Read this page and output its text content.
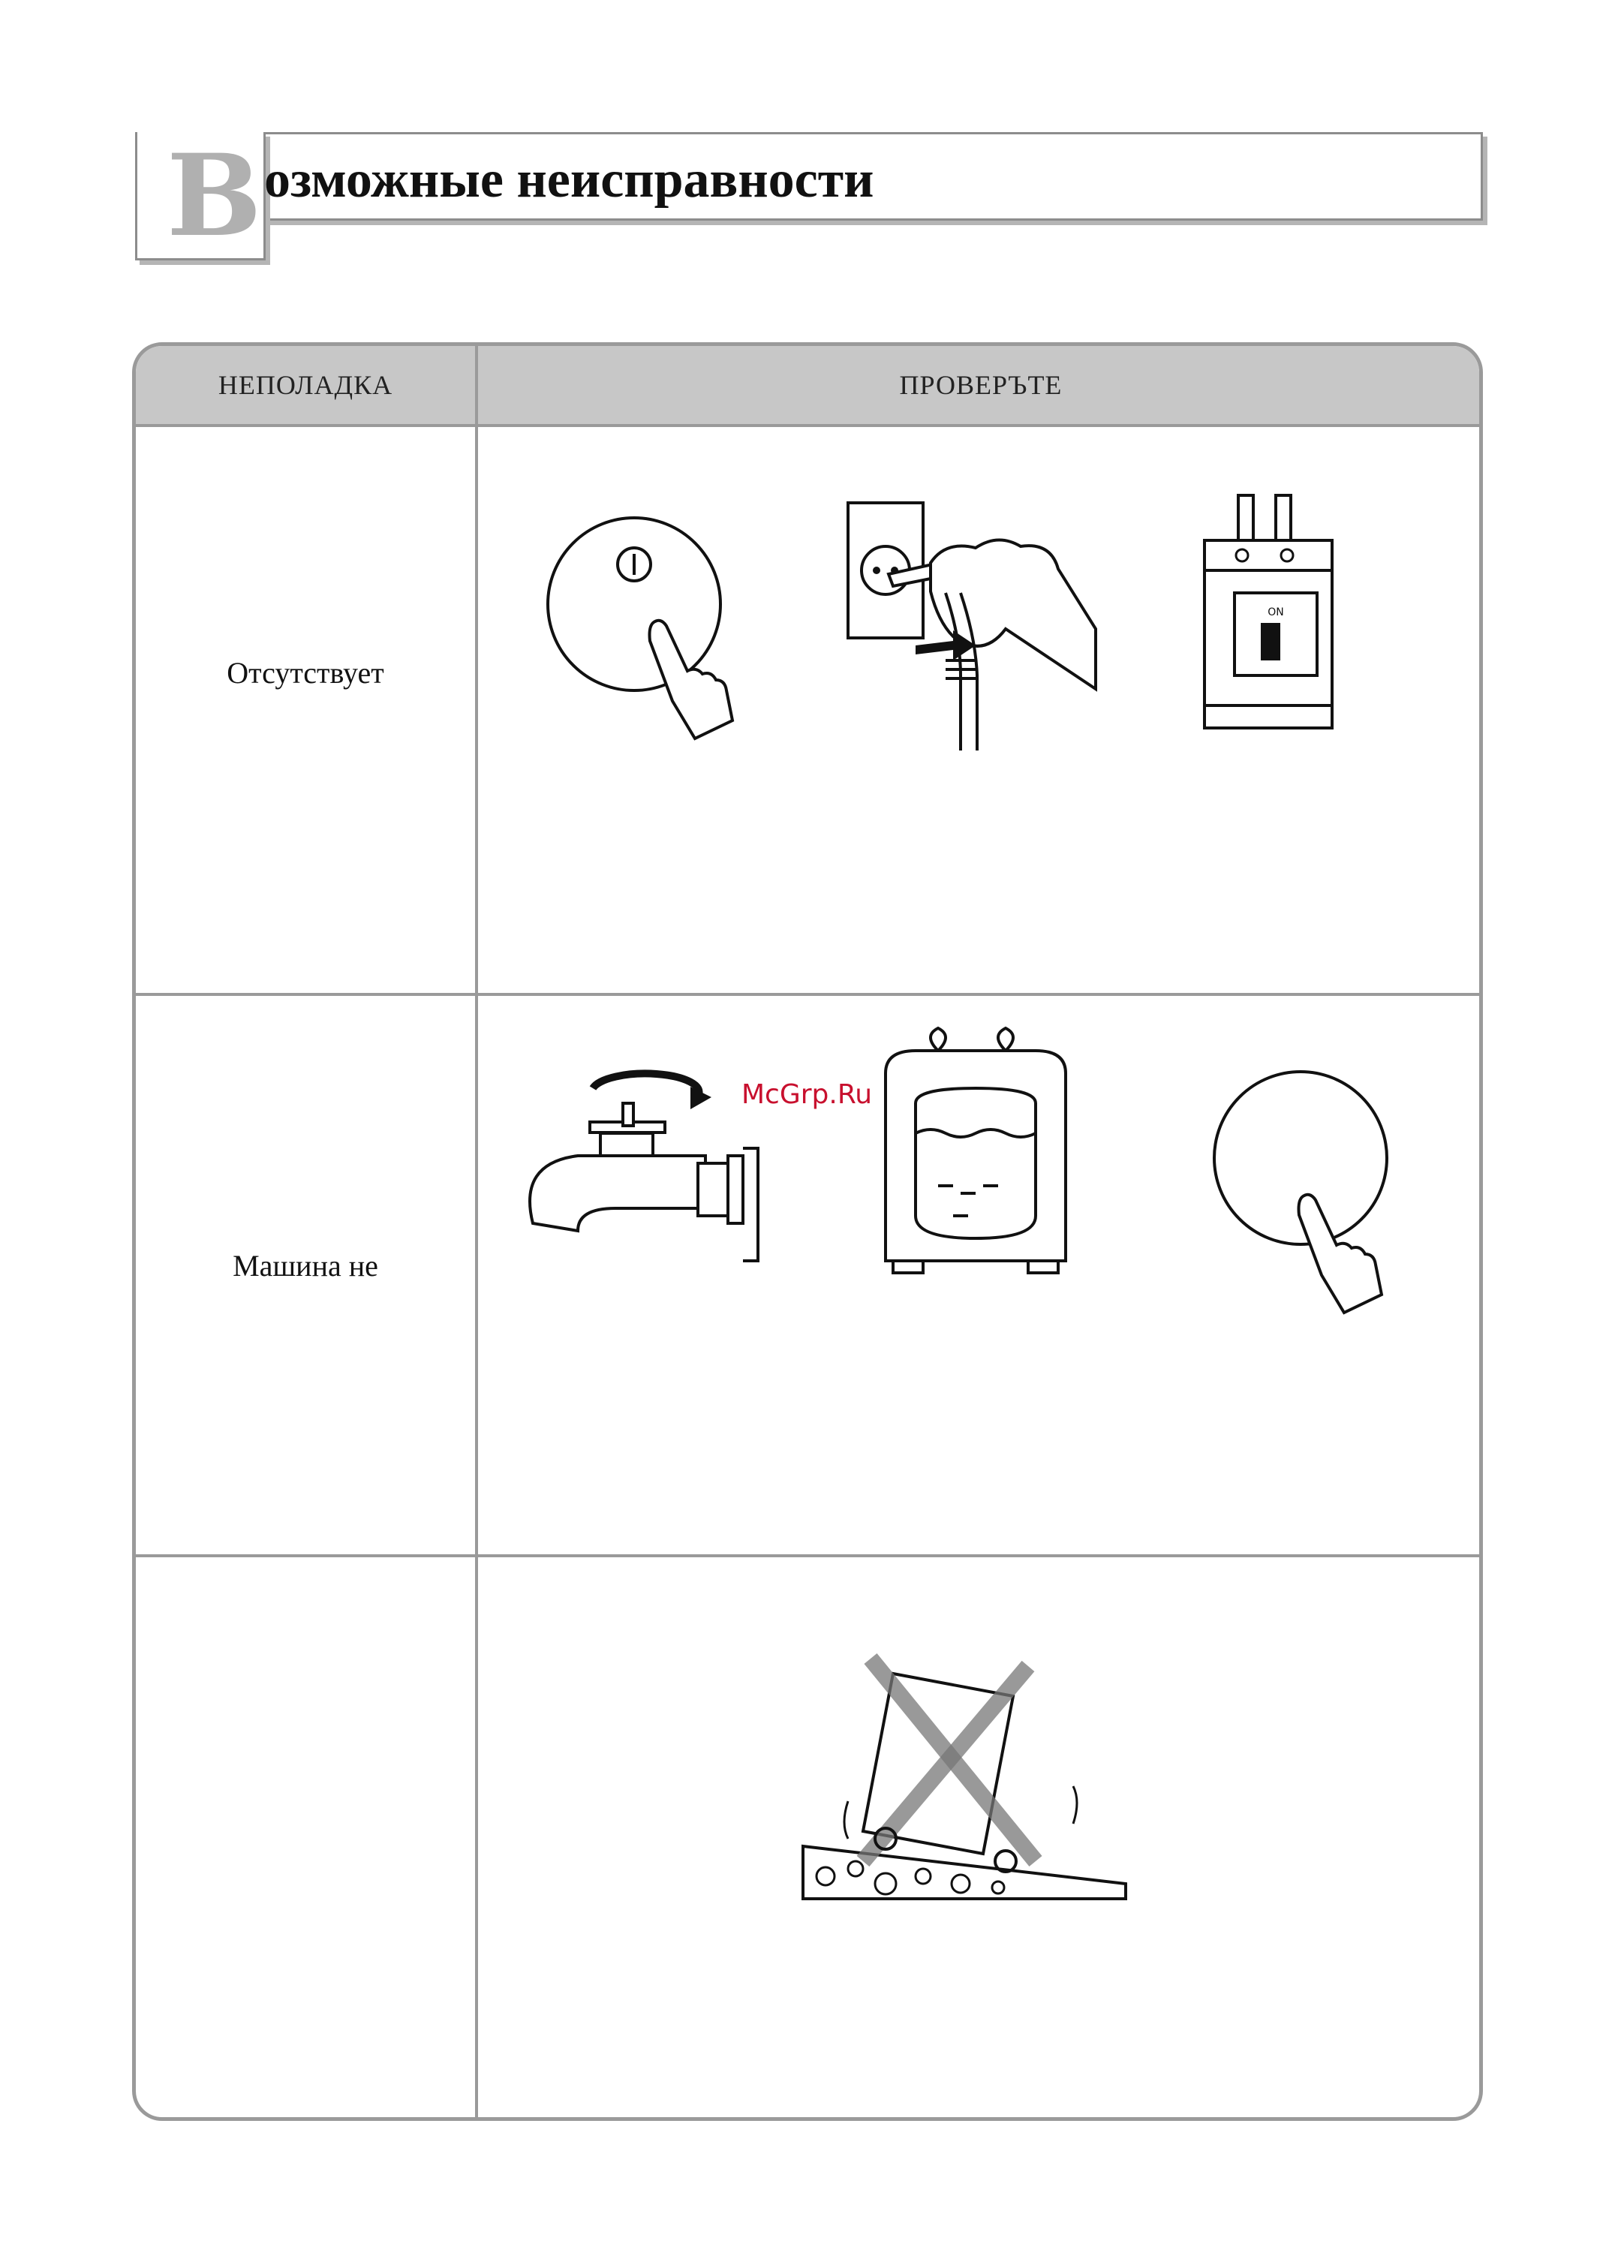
В озможные неисправности
НЕПОЛАДКА	ПРОВЕРЪТЕ
Отсутствует
Машина не
ON
McGrp.Ru
